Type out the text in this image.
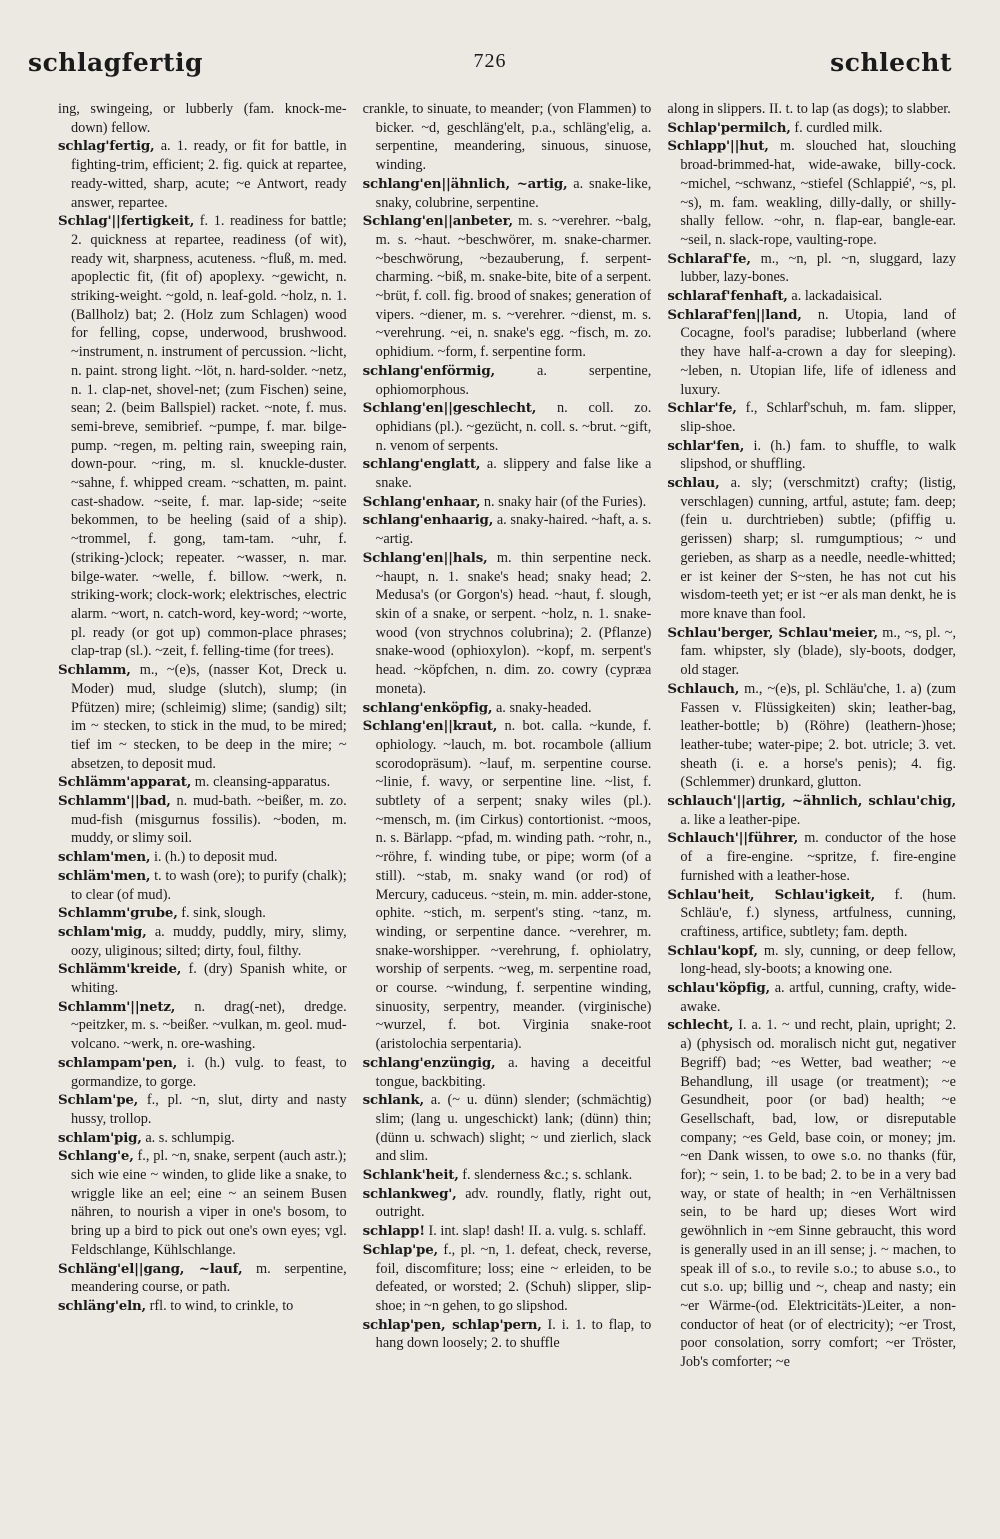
schlagfertig	726	schlecht

ing, swingeing, or lubberly (fam. knock-me-down) fellow.

schlag'fertig, a. 1. ready, or fit for battle, in fighting-trim, efficient; 2. fig. quick at repartee, ready-witted, sharp, acute; ~e Antwort, ready answer, repartee.

Schlag'||fertigkeit, f. 1. readiness for battle; 2. quickness at repartee, readiness (of wit), ready wit, sharpness, acuteness. ~fluß, m. med. apoplectic fit, (fit of) apoplexy. ~gewicht, n. striking-weight. ~gold, n. leaf-gold. ~holz, n. 1. (Ballholz) bat; 2. (Holz zum Schlagen) wood for felling, copse, underwood, brushwood. ~instrument, n. instrument of percussion. ~licht, n. paint. strong light. ~löt, n. hard-solder. ~netz, n. 1. clap-net, shovel-net; (zum Fischen) seine, sean; 2. (beim Ballspiel) racket. ~note, f. mus. semi-breve, semibrief. ~pumpe, f. mar. bilge-pump. ~regen, m. pelting rain, sweeping rain, down-pour. ~ring, m. sl. knuckle-duster. ~sahne, f. whipped cream. ~schatten, m. paint. cast-shadow. ~seite, f. mar. lap-side; ~seite bekommen, to be heeling (said of a ship). ~trommel, f. gong, tam-tam. ~uhr, f. (striking-)clock; repeater. ~wasser, n. mar. bilge-water. ~welle, f. billow. ~werk, n. striking-work; clock-work; elektrisches, electric alarm. ~wort, n. catch-word, key-word; ~worte, pl. ready (or got up) common-place phrases; clap-trap (sl.). ~zeit, f. felling-time (for trees).

Schlamm, m., ~(e)s, (nasser Kot, Dreck u. Moder) mud, sludge (slutch), slump; (in Pfützen) mire; (schleimig) slime; (sandig) silt; im ~ stecken, to stick in the mud, to be mired; tief im ~ stecken, to be deep in the mire; ~ absetzen, to deposit mud.

Schlämm'apparat, m. cleansing-apparatus.

Schlamm'||bad, n. mud-bath. ~beißer, m. zo. mud-fish (misgurnus fossilis). ~boden, m. muddy, or slimy soil.

schlam'men, i. (h.) to deposit mud.

schläm'men, t. to wash (ore); to purify (chalk); to clear (of mud).

Schlamm'grube, f. sink, slough.

schlam'mig, a. muddy, puddly, miry, slimy, oozy, uliginous; silted; dirty, foul, filthy.

Schlämm'kreide, f. (dry) Spanish white, or whiting.

Schlamm'||netz, n. drag(-net), dredge. ~peitzker, m. s. ~beißer. ~vulkan, m. geol. mud-volcano. ~werk, n. ore-washing.

schlampam'pen, i. (h.) vulg. to feast, to gormandize, to gorge.

Schlam'pe, f., pl. ~n, slut, dirty and nasty hussy, trollop.

schlam'pig, a. s. schlumpig.

Schlang'e, f., pl. ~n, snake, serpent (auch astr.); sich wie eine ~ winden, to glide like a snake, to wriggle like an eel; eine ~ an seinem Busen nähren, to nourish a viper in one's bosom, to bring up a bird to pick out one's own eyes; vgl. Feldschlange, Kühlschlange.

Schläng'el||gang, ~lauf, m. serpentine, meandering course, or path.

schläng'eln, rfl. to wind, to crinkle, to

crankle, to sinuate, to meander; (von Flammen) to bicker. ~d, geschläng'elt, p.a., schläng'elig, a. serpentine, meandering, sinuous, sinuose, winding.

schlang'en||ähnlich, ~artig, a. snake-like, snaky, colubrine, serpentine.

Schlang'en||anbeter, m. s. ~verehrer. ~balg, m. s. ~haut. ~beschwörer, m. snake-charmer. ~beschwörung, ~bezauberung, f. serpent-charming. ~biß, m. snake-bite, bite of a serpent. ~brüt, f. coll. fig. brood of snakes; generation of vipers. ~diener, m. s. ~verehrer. ~dienst, m. s. ~verehrung. ~ei, n. snake's egg. ~fisch, m. zo. ophidium. ~form, f. serpentine form.

schlang'enförmig,	a. serpentine, ophiomorphous.

Schlang'en||geschlecht, n. coll. zo. ophidians (pl.). ~gezücht, n. coll. s. ~brut. ~gift, n. venom of serpents.

schlang'englatt, a. slippery and false like a snake.

Schlang'enhaar, n. snaky hair (of the Furies).

schlang'enhaarig, a. snaky-haired. ~haft, a. s. ~artig.

Schlang'en||hals, m. thin serpentine neck. ~haupt, n. 1. snake's head; snaky head; 2. Medusa's (or Gorgon's) head. ~haut, f. slough, skin of a snake, or serpent. ~holz, n. 1. snake-wood (von strychnos colubrina); 2. (Pflanze) snake-wood (ophioxylon). ~kopf, m. serpent's head. ~köpfchen, n. dim. zo. cowry (cypræa moneta).

schlang'enköpfig, a. snaky-headed.

Schlang'en||kraut, n. bot. calla. ~kunde, f. ophiology. ~lauch, m. bot. rocambole (allium scorodopräsum). ~lauf, m. serpentine course. ~linie, f. wavy, or serpentine line. ~list, f. subtlety of a serpent; snaky wiles (pl.). ~mensch, m. (im Cirkus) contortionist. ~moos, n. s. Bärlapp. ~pfad, m. winding path. ~rohr, n., ~röhre, f. winding tube, or pipe; worm (of a still). ~stab, m. snaky wand (or rod) of Mercury, caduceus. ~stein, m. min. adder-stone, ophite. ~stich, m. serpent's sting. ~tanz, m. winding, or serpentine dance. ~verehrer, m. snake-worshipper. ~verehrung, f. ophiolatry, worship of serpents. ~weg, m. serpentine road, or course. ~windung, f. serpentine winding, sinuosity, serpentry, meander. (virginische) ~wurzel, f. bot. Virginia snake-root (aristolochia serpentaria).

schlang'enzüngig, a. having a deceitful tongue, backbiting.

schlank, a. (~ u. dünn) slender; (schmächtig) slim; (lang u. ungeschickt) lank; (dünn) thin; (dünn u. schwach) slight; ~ und zierlich, slack and slim.

Schlank'heit, f. slenderness &c.; s. schlank.

schlankweg', adv. roundly, flatly, right out, outright.

schlapp! I. int. slap! dash! II. a. vulg. s. schlaff.

Schlap'pe, f., pl. ~n, 1. defeat, check, reverse, foil, discomfiture; loss; eine ~ erleiden, to be defeated, or worsted; 2. (Schuh) slipper, slip-shoe; in ~n gehen, to go slipshod.

schlap'pen, schlap'pern, I. i. 1. to flap, to hang down loosely; 2. to shuffle

along in slippers. II. t. to lap (as dogs); to slabber.

Schlap'permilch, f. curdled milk.

Schlapp'||hut, m. slouched hat, slouching broad-brimmed-hat, wide-awake, billy-cock. ~michel, ~schwanz, ~stiefel (Schlappié', ~s, pl. ~s), m. fam. weakling, dilly-dally, or shilly-shally fellow. ~ohr, n. flap-ear, bangle-ear. ~seil, n. slack-rope, vaulting-rope.

Schlaraf'fe, m., ~n, pl. ~n, sluggard, lazy lubber, lazy-bones.

schlaraf'fenhaft, a. lackadaisical.

Schlaraf'fen||land, n. Utopia, land of Cocagne, fool's paradise; lubberland (where they have half-a-crown a day for sleeping). ~leben, n. Utopian life, life of idleness and luxury.

Schlar'fe, f., Schlarf'schuh, m. fam. slipper, slip-shoe.

schlar'fen, i. (h.) fam. to shuffle, to walk slipshod, or shuffling.

schlau, a. sly; (verschmitzt) crafty; (listig, verschlagen) cunning, artful, astute; fam. deep; (fein u. durchtrieben) subtle; (pfiffig u. gerissen) sharp; sl. rumgumptious; ~ und gerieben, as sharp as a needle, needle-whitted; er ist keiner der S~sten, he has not cut his wisdom-teeth yet; er ist ~er als man denkt, he is more knave than fool.

Schlau'berger, Schlau'meier, m., ~s, pl. ~, fam. whipster, sly (blade), sly-boots, dodger, old stager.

Schlauch, m., ~(e)s, pl. Schläu'che, 1. a) (zum Fassen v. Flüssigkeiten) skin; leather-bag, leather-bottle; b) (Röhre) (leathern-)hose; leather-tube; water-pipe; 2. bot. utricle; 3. vet. sheath (i. e. a horse's penis); 4. fig. (Schlemmer) drunkard, glutton.

schlauch'||artig, ~ähnlich, schlau'chig, a. like a leather-pipe.

Schlauch'||führer, m. conductor of the hose of a fire-engine. ~spritze, f. fire-engine furnished with a leather-hose.

Schlau'heit, Schlau'igkeit, f. (hum. Schläu'e, f.) slyness, artfulness, cunning, craftiness, artifice, subtlety; fam. depth.

Schlau'kopf, m. sly, cunning, or deep fellow, long-head, sly-boots; a knowing one.

schlau'köpfig, a. artful, cunning, crafty, wide-awake.

schlecht, I. a. 1. ~ und recht, plain, upright; 2. a) (physisch od. moralisch nicht gut, negativer Begriff) bad; ~es Wetter, bad weather; ~e Behandlung, ill usage (or treatment); ~e Gesundheit, poor (or bad) health; ~e Gesellschaft, bad, low, or disreputable company; ~es Geld, base coin, or money; jm. ~en Dank wissen, to owe s.o. no thanks (für, for); ~ sein, 1. to be bad; 2. to be in a very bad way, or state of health; in ~en Verhältnissen sein, to be hard up; dieses Wort wird gewöhnlich in ~em Sinne gebraucht, this word is generally used in an ill sense; j. ~ machen, to speak ill of s.o., to revile s.o.; to abuse s.o., to cut s.o. up; billig und ~, cheap and nasty; ein ~er Wärme-(od. Elektricitäts-)Leiter, a non-conductor of heat (or of electricity); ~er Trost, poor consolation, sorry comfort; ~er Tröster, Job's comforter; ~e
